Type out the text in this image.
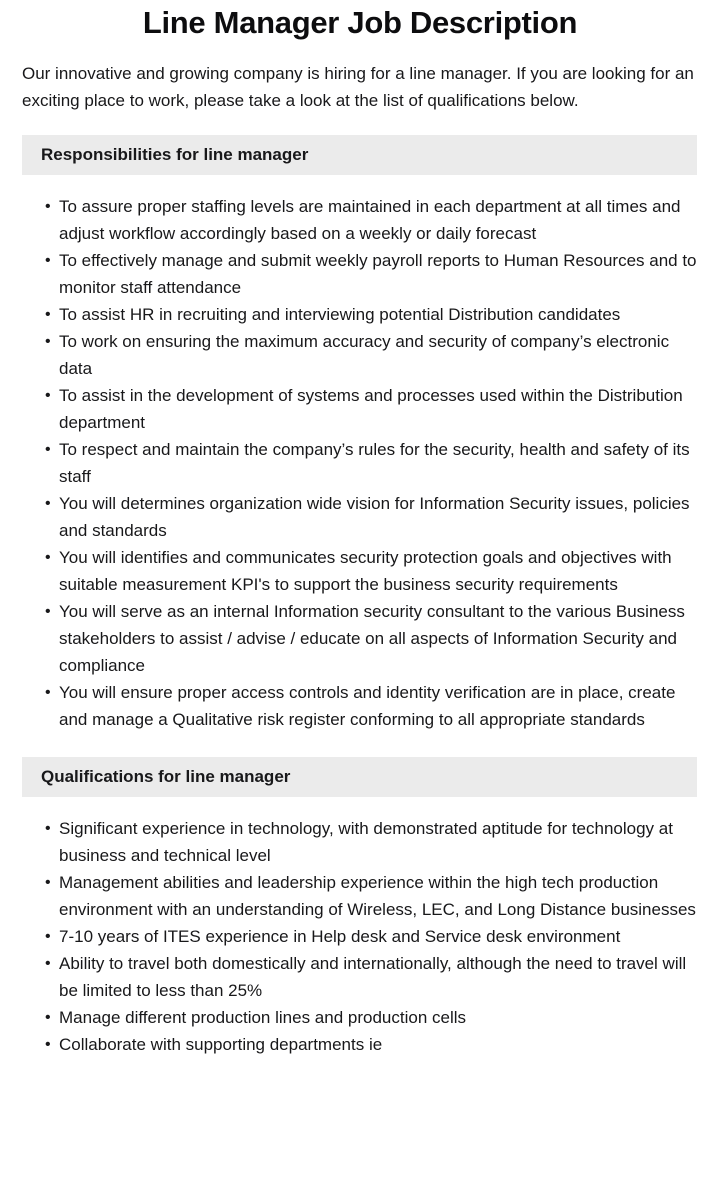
Line Manager Job Description

Our innovative and growing company is hiring for a line manager. If you are looking for an exciting place to work, please take a look at the list of qualifications below.

Responsibilities for line manager
• To assure proper staffing levels are maintained in each department at all times and adjust workflow accordingly based on a weekly or daily forecast
• To effectively manage and submit weekly payroll reports to Human Resources and to monitor staff attendance
• To assist HR in recruiting and interviewing potential Distribution candidates
• To work on ensuring the maximum accuracy and security of company’s electronic data
• To assist in the development of systems and processes used within the Distribution department
• To respect and maintain the company’s rules for the security, health and safety of its staff
• You will determines organization wide vision for Information Security issues, policies and standards
• You will identifies and communicates security protection goals and objectives with suitable measurement KPI's to support the business security requirements
• You will serve as an internal Information security consultant to the various Business stakeholders to assist / advise / educate on all aspects of Information Security and compliance
• You will ensure proper access controls and identity verification are in place, create and manage a Qualitative risk register conforming to all appropriate standards
Qualifications for line manager
• Significant experience in technology, with demonstrated aptitude for technology at business and technical level
• Management abilities and leadership experience within the high tech production environment with an understanding of Wireless, LEC, and Long Distance businesses
• 7-10 years of ITES experience in Help desk and Service desk environment
• Ability to travel both domestically and internationally, although the need to travel will be limited to less than 25%
• Manage different production lines and production cells
• Collaborate with supporting departments ie
